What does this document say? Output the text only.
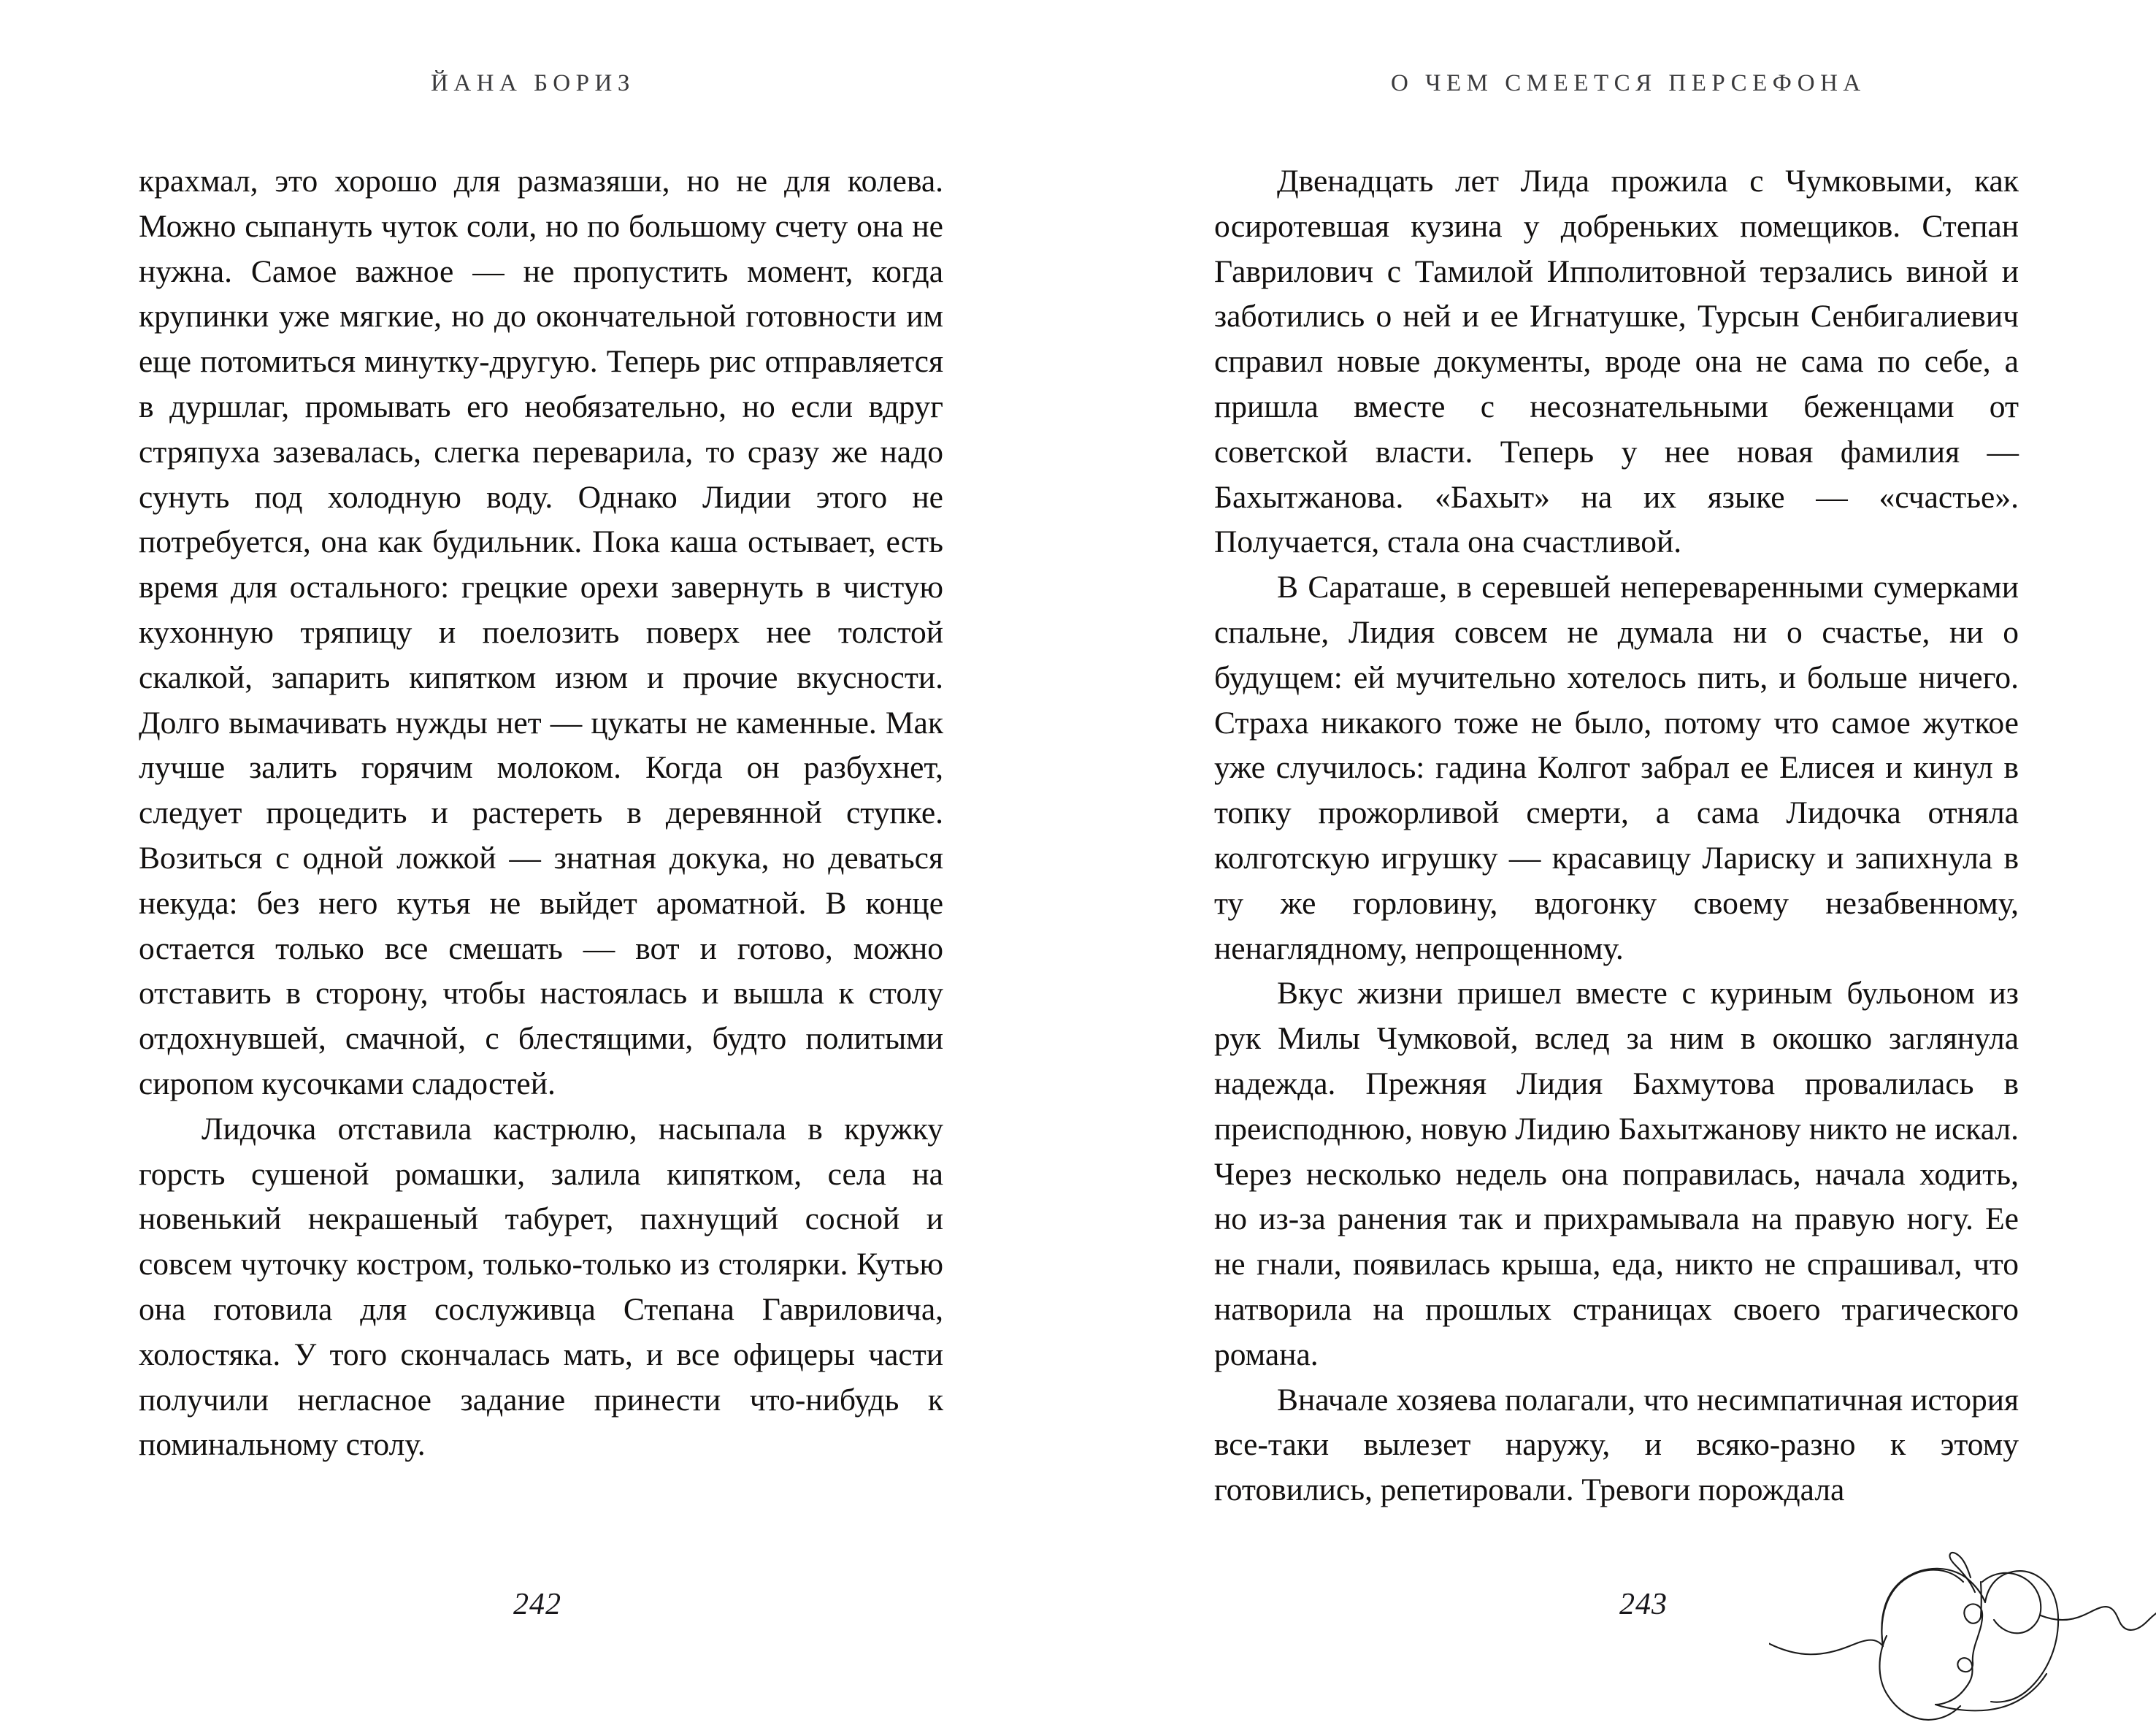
ЙАНА БОРИЗ	О ЧЕМ СМЕЕТСЯ ПЕРСЕФОНА

крахмал, это хорошо для размазяши, но не для колева. Можно сыпануть чуток соли, но по большому счету она не нужна. Самое важное — не пропустить момент, когда крупинки уже мягкие, но до окончательной готовности им еще потомиться минутку-другую. Теперь рис отправляется в дуршлаг, промывать его необязательно, но если вдруг стряпуха зазевалась, слегка переварила, то сразу же надо сунуть под холодную воду. Однако Лидии этого не потребуется, она как будильник. Пока каша остывает, есть время для остального: грецкие орехи завернуть в чистую кухонную тряпицу и поелозить поверх нее толстой скалкой, запарить кипятком изюм и прочие вкусности. Долго вымачивать нужды нет — цукаты не каменные. Мак лучше залить горячим молоком. Когда он разбухнет, следует процедить и растереть в деревянной ступке. Возиться с одной ложкой — знатная докука, но деваться некуда: без него кутья не выйдет ароматной. В конце остается только все смешать — вот и готово, можно отставить в сторону, чтобы настоялась и вышла к столу отдохнувшей, смачной, с блестящими, будто политыми сиропом кусочками сладостей.

Лидочка отставила кастрюлю, насыпала в кружку горсть сушеной ромашки, залила кипятком, села на новенький некрашеный табурет, пахнущий сосной и совсем чуточку костром, только-только из столярки. Кутью она готовила для сослуживца Степана Гавриловича, холостяка. У того скончалась мать, и все офицеры части получили негласное задание принести что-нибудь к поминальному столу.

Двенадцать лет Лида прожила с Чумковыми, как осиротевшая кузина у добреньких помещиков. Степан Гаврилович с Тамилой Ипполитовной терзались виной и заботились о ней и ее Игнатушке, Турсын Сенбигалиевич справил новые документы, вроде она не сама по себе, а пришла вместе с несознательными беженцами от советской власти. Теперь у нее новая фамилия — Бахытжанова. «Бахыт» на их языке — «счастье». Получается, стала она счастливой.

В Сараташе, в серевшей непереваренными сумерками спальне, Лидия совсем не думала ни о счастье, ни о будущем: ей мучительно хотелось пить, и больше ничего. Страха никакого тоже не было, потому что самое жуткое уже случилось: гадина Колгот забрал ее Елисея и кинул в топку прожорливой смерти, а сама Лидочка отняла колготскую игрушку — красавицу Лариску и запихнула в ту же горловину, вдогонку своему незабвенному, ненаглядному, непрощенному.

Вкус жизни пришел вместе с куриным бульоном из рук Милы Чумковой, вслед за ним в окошко заглянула надежда. Прежняя Лидия Бахмутова провалилась в преисподнюю, новую Лидию Бахытжанову никто не искал. Через несколько недель она поправилась, начала ходить, но из-за ранения так и прихрамывала на правую ногу. Ее не гнали, появилась крыша, еда, никто не спрашивал, что натворила на прошлых страницах своего трагического романа.

Вначале хозяева полагали, что несимпатичная история все-таки вылезет наружу, и всяко-разно к этому готовились, репетировали. Тревоги порождала

242	243
